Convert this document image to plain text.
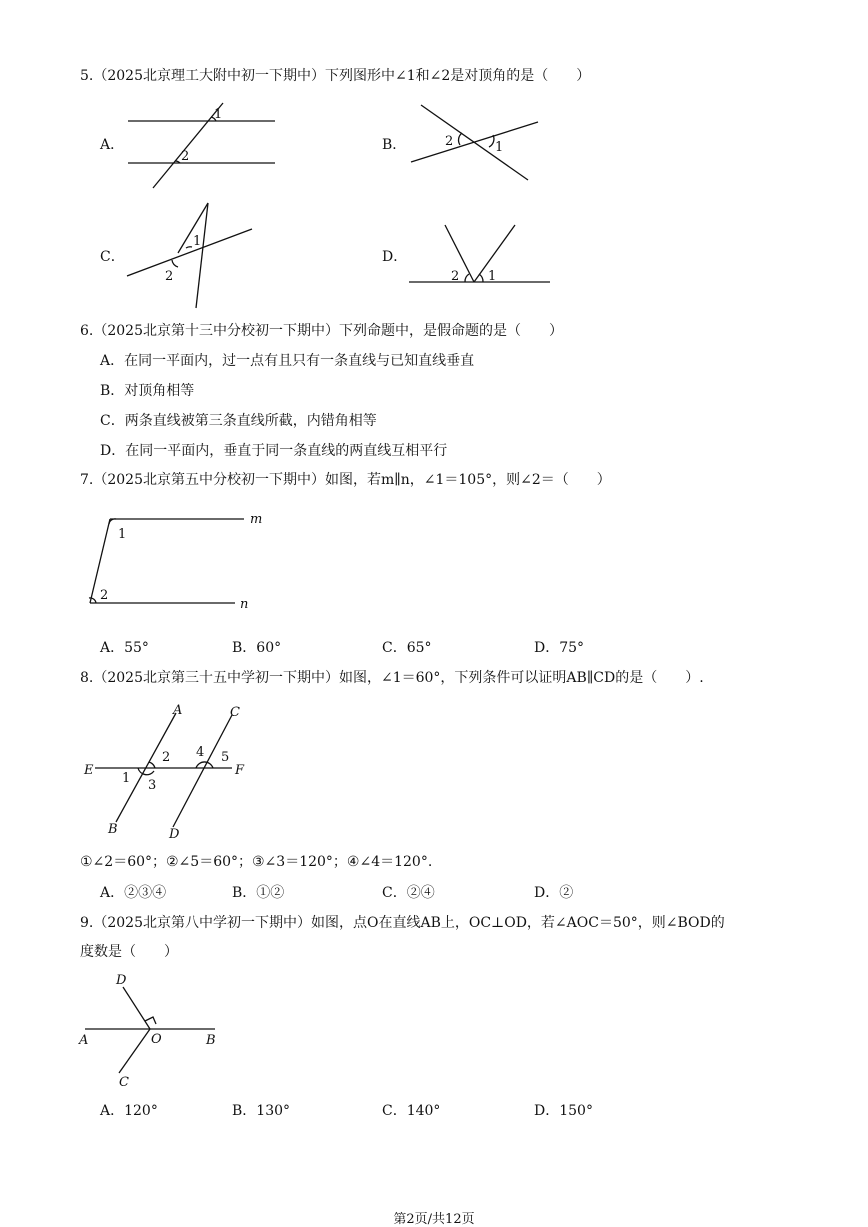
5.（2025北京理工大附中初一下期中）下列图形中∠1和∠2是对顶角的是（　　）
A．
1
2
B．	2	1
C．
1
2
D．
2 1
6.（2025北京第十三中分校初一下期中）下列命题中，是假命题的是（　　）
A．在同一平面内，过一点有且只有一条直线与已知直线垂直
B．对顶角相等
C．两条直线被第三条直线所截，内错角相等
D．在同一平面内，垂直于同一条直线的两直线互相平行
7.（2025北京第五中分校初一下期中）如图，若m∥n，∠1＝105°，则∠2＝（　　）
m
n
1
2
A．55°	B．60°	C．65°	D．75°
8.（2025北京第三十五中学初一下期中）如图，∠1＝60°，下列条件可以证明AB∥CD的是（　　）.
A
B
C
D
E	F
1
2
3
4 5
①∠2＝60°；②∠5＝60°；③∠3＝120°；④∠4＝120°.
A．②③④	B．①②	C．②④	D．②
9.（2025北京第八中学初一下期中）如图，点O在直线AB上，OC⊥OD，若∠AOC＝50°，则∠BOD的
度数是（　　）
D
A	O	B
C
A．120°	B．130°	C．140°	D．150°
第2页/共12页
